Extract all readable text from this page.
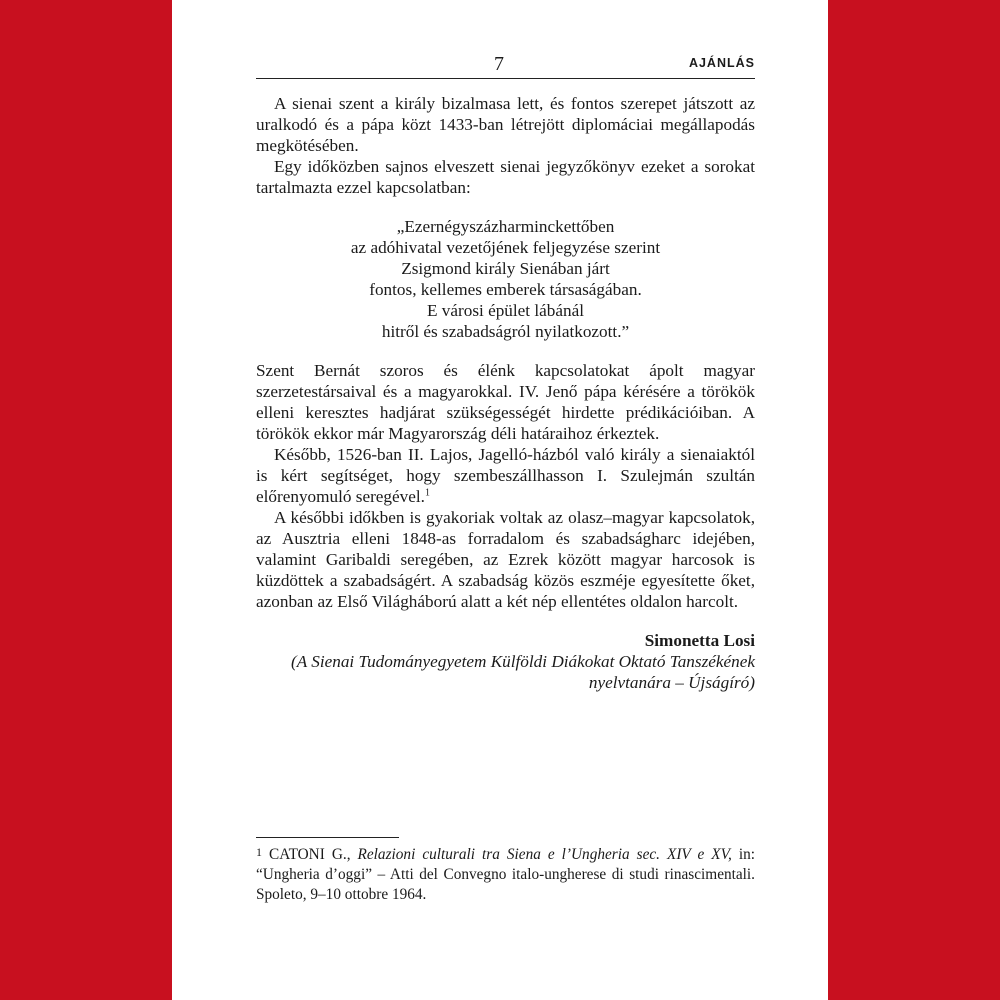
7	AJÁNLÁS

A sienai szent a király bizalmasa lett, és fontos szerepet játszott az uralkodó és a pápa közt 1433-ban létrejött diplomáciai megállapodás megkötésében.

Egy időközben sajnos elveszett sienai jegyzőkönyv ezeket a sorokat tartalmazta ezzel kapcsolatban:

„Ezernégyszázharminckettőben
az adóhivatal vezetőjének feljegyzése szerint
Zsigmond király Sienában járt
fontos, kellemes emberek társaságában.
E városi épület lábánál
hitről és szabadságról nyilatkozott.”

Szent Bernát szoros és élénk kapcsolatokat ápolt magyar szerzetestársaival és a magyarokkal. IV. Jenő pápa kérésére a törökök elleni keresztes hadjárat szükségességét hirdette prédikációiban. A törökök ekkor már Magyarország déli határaihoz érkeztek.

Később, 1526-ban II. Lajos, Jagelló-házból való király a sienaiaktól is kért segítséget, hogy szembeszállhasson I. Szulejmán szultán előrenyomuló seregével.$^1$

A későbbi időkben is gyakoriak voltak az olasz–magyar kapcsolatok, az Ausztria elleni 1848-as forradalom és szabadságharc idejében, valamint Garibaldi seregében, az Ezrek között magyar harcosok is küzdöttek a szabadságért. A szabadság közös eszméje egyesítette őket, azonban az Első Világháború alatt a két nép ellentétes oldalon harcolt.

Simonetta Losi
(A Sienai Tudományegyetem Külföldi Diákokat Oktató Tanszékének
nyelvtanára – Újságíró)
1 CATONI G., Relazioni culturali tra Siena e l’Ungheria sec. XIV e XV, in: “Ungheria d’oggi” – Atti del Convegno italo-ungherese di studi rinascimentali. Spoleto, 9–10 ottobre 1964.
